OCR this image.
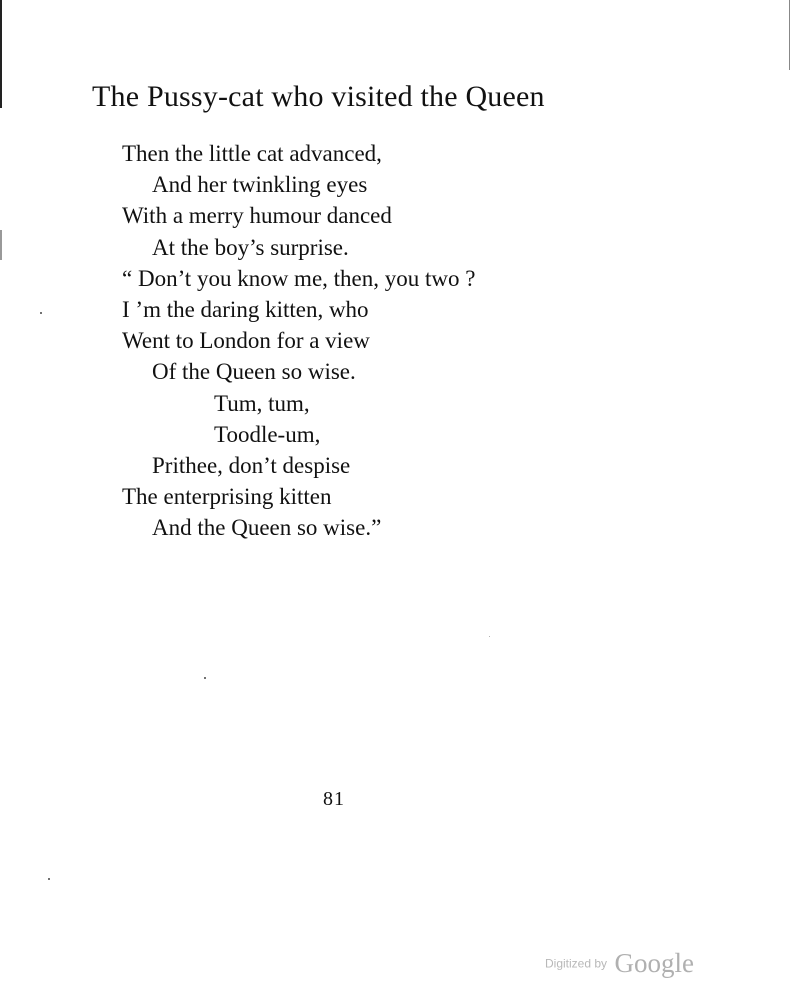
The Pussy-cat who visited the Queen
Then the little cat advanced,
And her twinkling eyes
With a merry humour danced
At the boy’s surprise.
“ Don’t you know me, then, you two ?
I ’m the daring kitten, who
Went to London for a view
Of the Queen so wise.
Tum, tum,
Toodle-um,
Prithee, don’t despise
The enterprising kitten
And the Queen so wise.”
81
Digitized by Google
